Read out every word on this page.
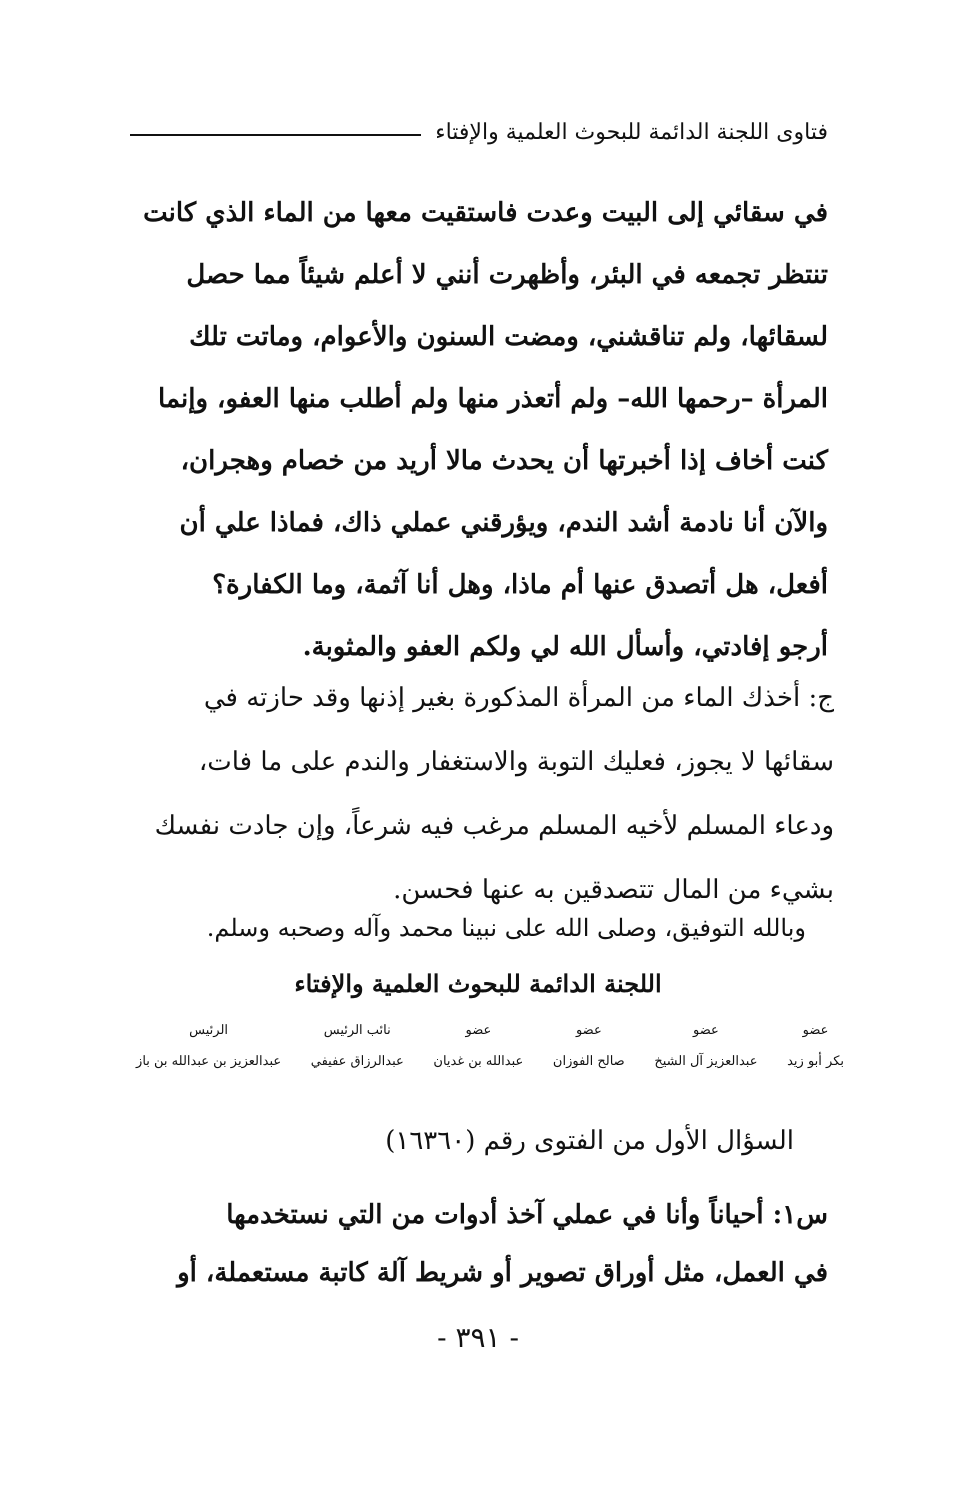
فتاوى اللجنة الدائمة للبحوث العلمية والإفتاء
في سقائي إلى البيت وعدت فاستقيت معها من الماء الذي كانت
تنتظر تجمعه في البئر، وأظهرت أنني لا أعلم شيئاً مما حصل
لسقائها، ولم تناقشني، ومضت السنون والأعوام، وماتت تلك
المرأة –رحمها الله– ولم أتعذر منها ولم أطلب منها العفو، وإنما
كنت أخاف إذا أخبرتها أن يحدث مالا أريد من خصام وهجران،
والآن أنا نادمة أشد الندم، ويؤرقني عملي ذاك، فماذا علي أن
أفعل، هل أتصدق عنها أم ماذا، وهل أنا آثمة، وما الكفارة؟
أرجو إفادتي، وأسأل الله لي ولكم العفو والمثوبة.
ج: أخذك الماء من المرأة المذكورة بغير إذنها وقد حازته في
سقائها لا يجوز، فعليك التوبة والاستغفار والندم على ما فات،
ودعاء المسلم لأخيه المسلم مرغب فيه شرعاً، وإن جادت نفسك
بشيء من المال تتصدقين به عنها فحسن.
وبالله التوفيق، وصلى الله على نبينا محمد وآله وصحبه وسلم.
اللجنة الدائمة للبحوث العلمية والإفتاء
عضو
بكر أبو زيد
عضو
عبدالعزيز آل الشيخ
عضو
صالح الفوزان
عضو
عبدالله بن غديان
نائب الرئيس
عبدالرزاق عفيفي
الرئيس
عبدالعزيز بن عبدالله بن باز
السؤال الأول من الفتوى رقم (١٦٣٦٠)
س١: أحياناً وأنا في عملي آخذ أدوات من التي نستخدمها
في العمل، مثل أوراق تصوير أو شريط آلة كاتبة مستعملة، أو
- ٣٩١ -
